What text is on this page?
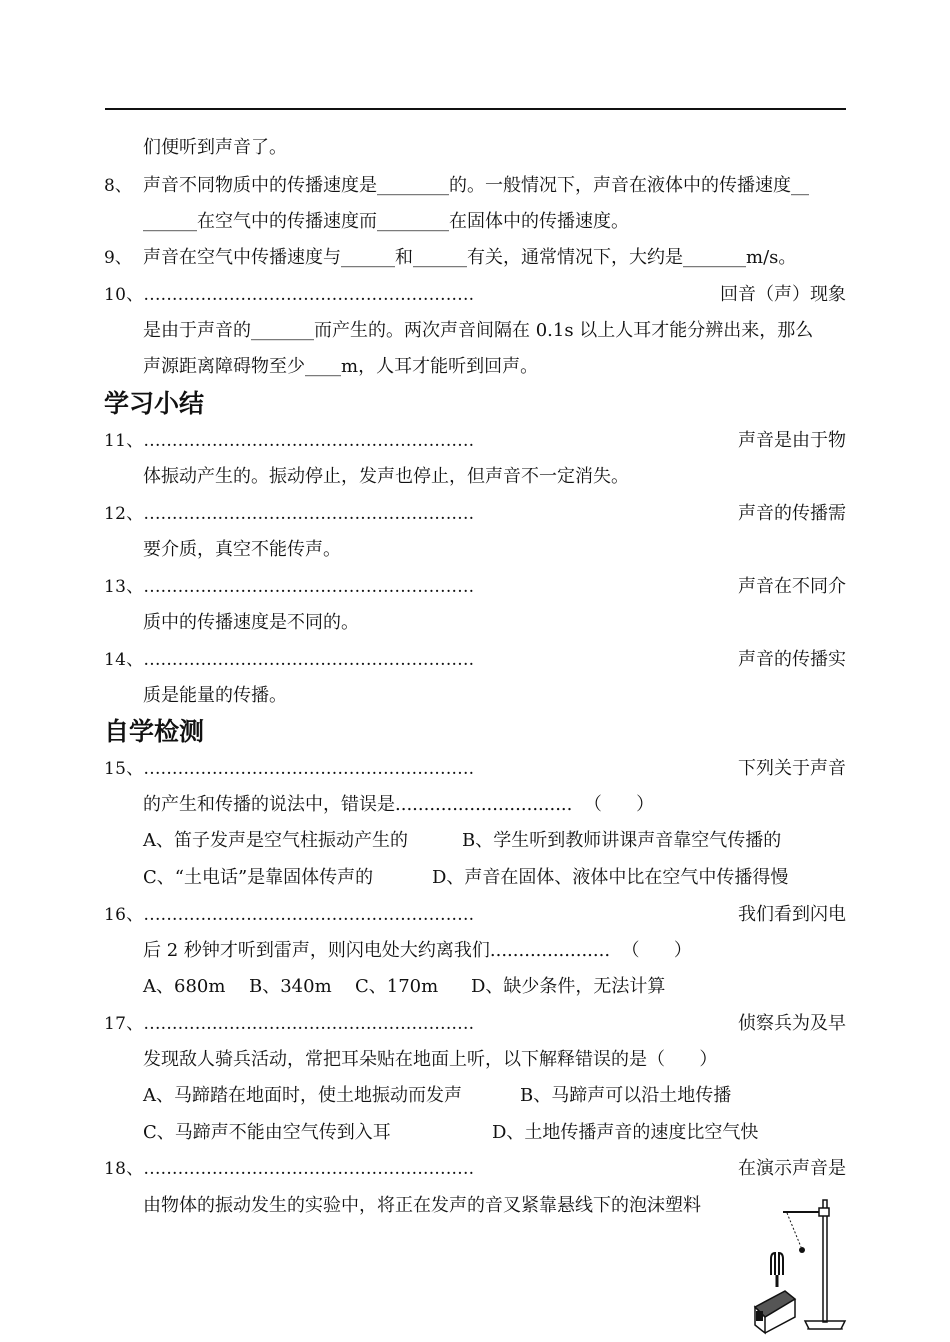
们便听到声音了。
8、 声音不同物质中的传播速度是________的。一般情况下，声音在液体中的传播速度__
______在空气中的传播速度而________在固体中的传播速度。
9、 声音在空气中传播速度与______和______有关，通常情况下，大约是_______m/s。
10、..........................................................	回音（声）现象
是由于声音的_______而产生的。两次声音间隔在 0.1s 以上人耳才能分辨出来，那么
声源距离障碍物至少____m，人耳才能听到回声。
学习小结
11、..........................................................	声音是由于物
体振动产生的。振动停止，发声也停止，但声音不一定消失。
12、..........................................................	声音的传播需
要介质，真空不能传声。
13、..........................................................	声音在不同介
质中的传播速度是不同的。
14、..........................................................	声音的传播实
质是能量的传播。
自学检测
15、..........................................................	下列关于声音
的产生和传播的说法中，错误是...............................  （      ）
A、笛子发声是空气柱振动产生的	B、学生听到教师讲课声音靠空气传播的
C、“土电话”是靠固体传声的	D、声音在固体、液体中比在空气中传播得慢
16、..........................................................	我们看到闪电
后 2 秒钟才听到雷声，则闪电处大约离我们.....................  （      ）
A、680m B、340m C、170m D、缺少条件，无法计算
17、..........................................................	侦察兵为及早
发现敌人骑兵活动，常把耳朵贴在地面上听，以下解释错误的是（      ）
A、马蹄踏在地面时，使土地振动而发声	B、马蹄声可以沿土地传播
C、马蹄声不能由空气传到入耳	D、土地传播声音的速度比空气快
18、..........................................................	在演示声音是
由物体的振动发生的实验中，将正在发声的音叉紧靠悬线下的泡沫塑料
